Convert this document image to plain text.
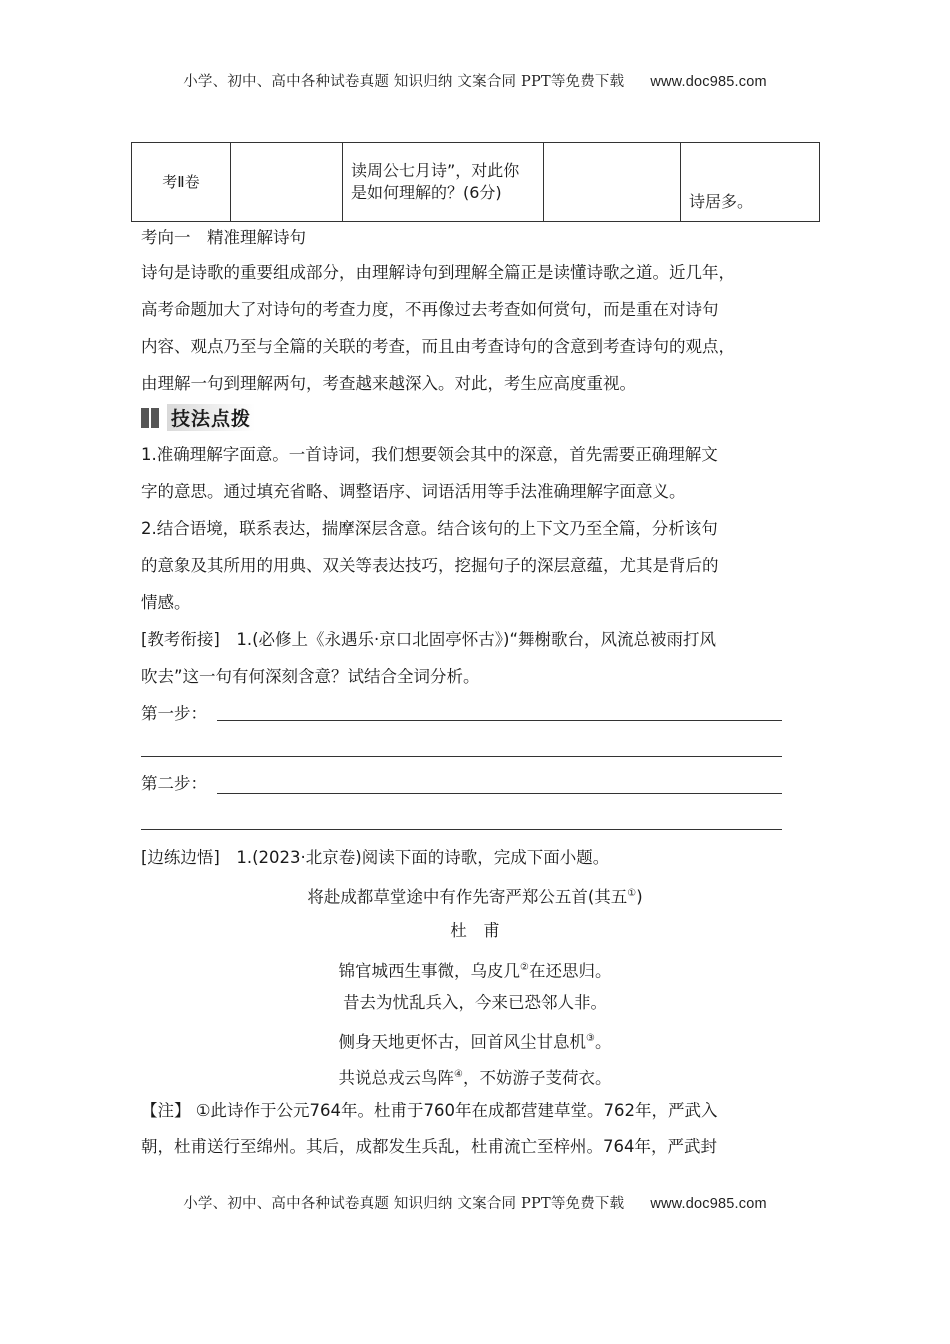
小学、初中、高中各种试卷真题 知识归纳 文案合同 PPT等免费下载 www.doc985.com
考Ⅱ卷		读周公七月诗”，对此你是如何理解的？(6分)		诗居多。
考向一　精准理解诗句
诗句是诗歌的重要组成部分，由理解诗句到理解全篇正是读懂诗歌之道。近几年，
高考命题加大了对诗句的考查力度，不再像过去考查如何赏句，而是重在对诗句
内容、观点乃至与全篇的关联的考查，而且由考查诗句的含意到考查诗句的观点，
由理解一句到理解两句，考查越来越深入。对此，考生应高度重视。
技法点拨
1.准确理解字面意。一首诗词，我们想要领会其中的深意，首先需要正确理解文
字的意思。通过填充省略、调整语序、词语活用等手法准确理解字面意义。
2.结合语境，联系表达，揣摩深层含意。结合该句的上下文乃至全篇，分析该句
的意象及其所用的用典、双关等表达技巧，挖掘句子的深层意蕴，尤其是背后的
情感。
[教考衔接]　1.(必修上《永遇乐·京口北固亭怀古》)“舞榭歌台，风流总被雨打风
吹去”这一句有何深刻含意？试结合全词分析。
第一步：
第二步：
[边练边悟]　1.(2023·北京卷)阅读下面的诗歌，完成下面小题。
将赴成都草堂途中有作先寄严郑公五首(其五①)
杜　甫
锦官城西生事微，乌皮几②在还思归。
昔去为忧乱兵入，今来已恐邻人非。
侧身天地更怀古，回首风尘甘息机③。
共说总戎云鸟阵④，不妨游子芰荷衣。
【注】 ①此诗作于公元764年。杜甫于760年在成都营建草堂。762年，严武入
朝，杜甫送行至绵州。其后，成都发生兵乱，杜甫流亡至梓州。764年，严武封
小学、初中、高中各种试卷真题 知识归纳 文案合同 PPT等免费下载 www.doc985.com
